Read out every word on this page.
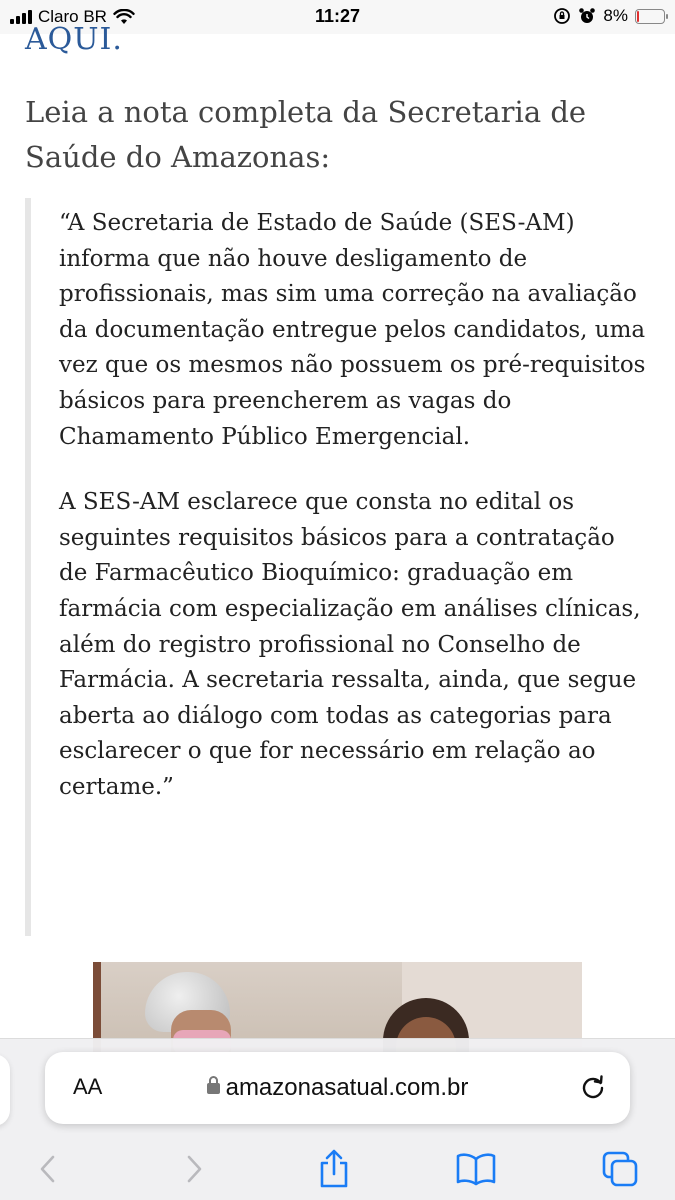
Claro BR	11:27	8%
AQUI.
Leia a nota completa da Secretaria de Saúde do Amazonas:

“A Secretaria de Estado de Saúde (SES-AM) informa que não houve desligamento de profissionais, mas sim uma correção na avaliação da documentação entregue pelos candidatos, uma vez que os mesmos não possuem os pré-requisitos básicos para preencherem as vagas do Chamamento Público Emergencial.

A SES-AM esclarece que consta no edital os seguintes requisitos básicos para a contratação de Farmacêutico Bioquímico: graduação em farmácia com especialização em análises clínicas, além do registro profissional no Conselho de Farmácia. A secretaria ressalta, ainda, que segue aberta ao diálogo com todas as categorias para esclarecer o que for necessário em relação ao certame.”

AA	amazonasatual.com.br
